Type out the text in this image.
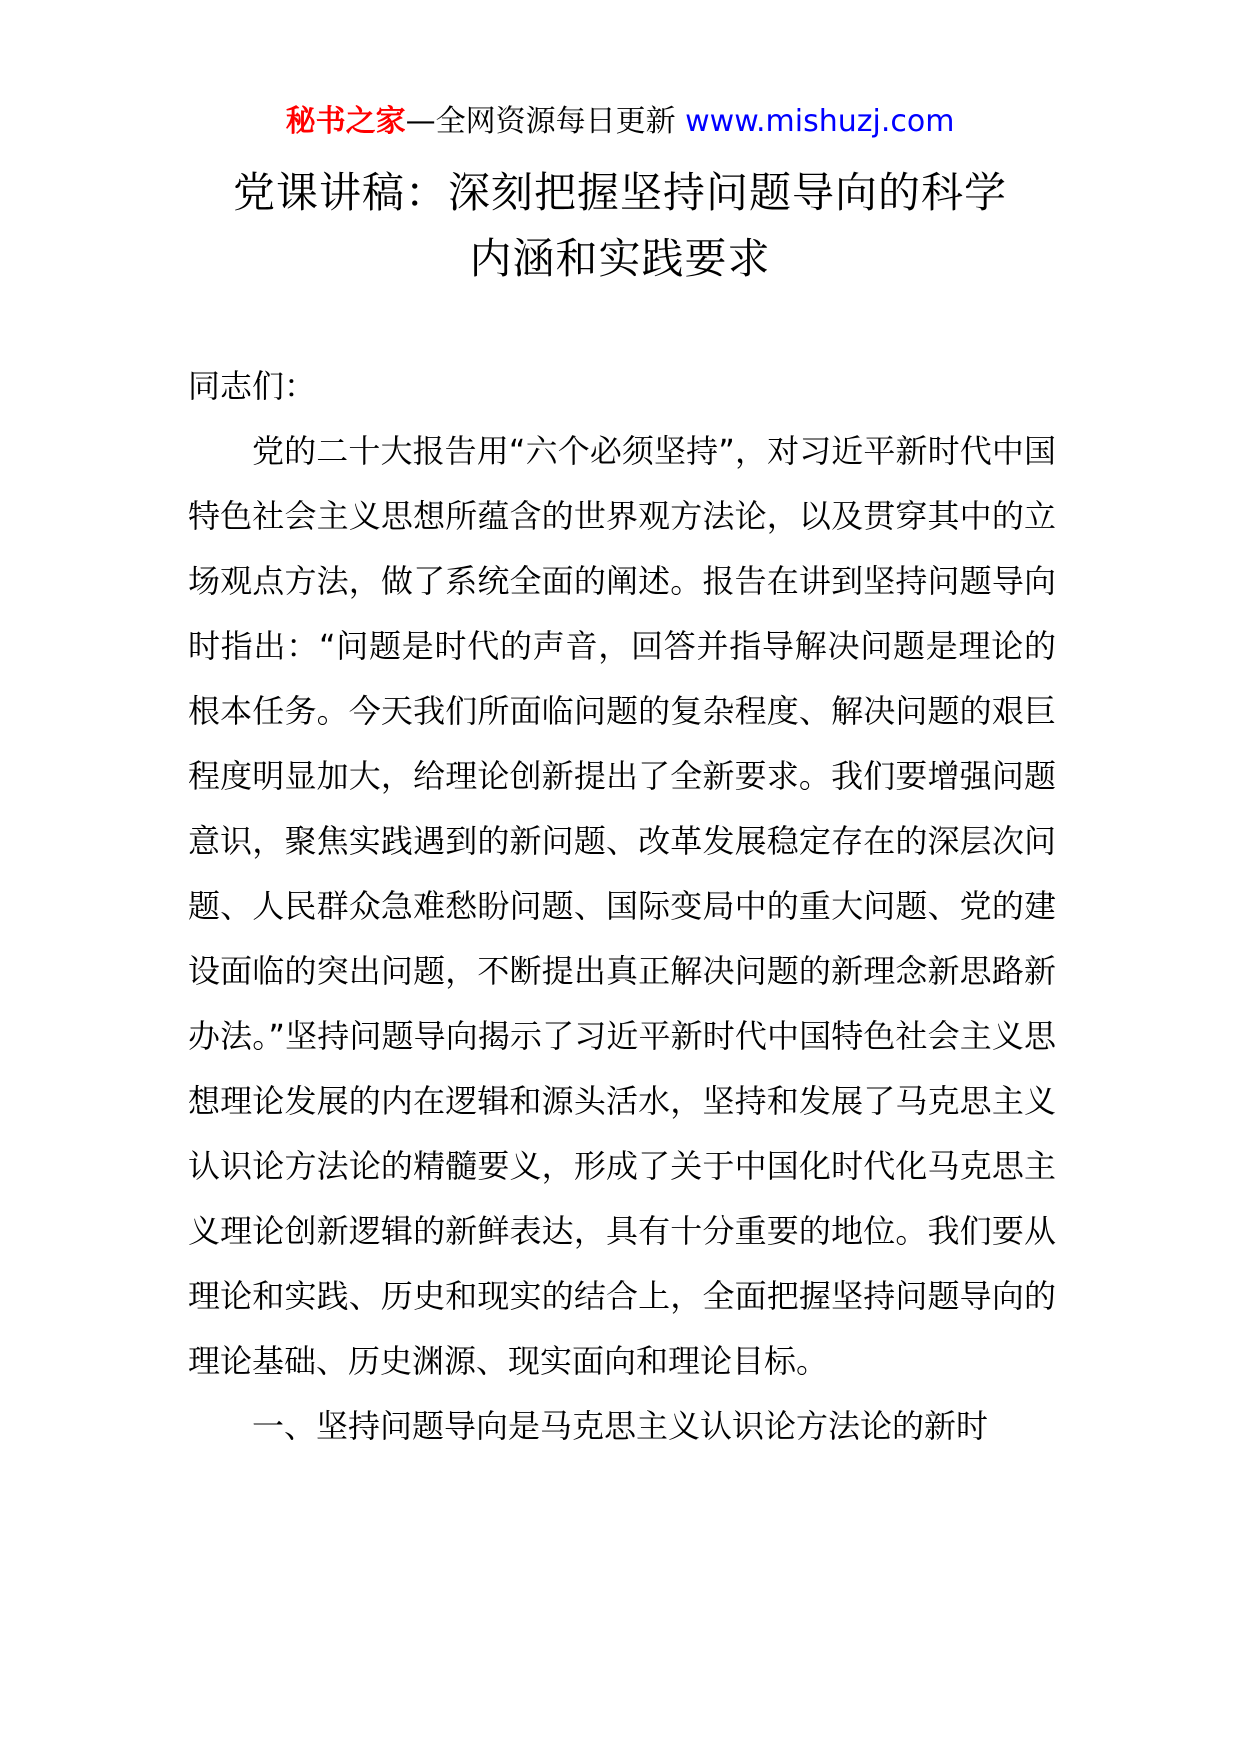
秘书之家—全网资源每日更新 www.mishuzj.com
党课讲稿：深刻把握坚持问题导向的科学
内涵和实践要求

同志们：

党的二十大报告用“六个必须坚持”，对习近平新时代中国特色社会主义思想所蕴含的世界观方法论，以及贯穿其中的立场观点方法，做了系统全面的阐述。报告在讲到坚持问题导向时指出：“问题是时代的声音，回答并指导解决问题是理论的根本任务。今天我们所面临问题的复杂程度、解决问题的艰巨程度明显加大，给理论创新提出了全新要求。我们要增强问题意识，聚焦实践遇到的新问题、改革发展稳定存在的深层次问题、人民群众急难愁盼问题、国际变局中的重大问题、党的建设面临的突出问题，不断提出真正解决问题的新理念新思路新办法。”坚持问题导向揭示了习近平新时代中国特色社会主义思想理论发展的内在逻辑和源头活水，坚持和发展了马克思主义认识论方法论的精髓要义，形成了关于中国化时代化马克思主义理论创新逻辑的新鲜表达，具有十分重要的地位。我们要从理论和实践、历史和现实的结合上，全面把握坚持问题导向的理论基础、历史渊源、现实面向和理论目标。

一、坚持问题导向是马克思主义认识论方法论的新时
